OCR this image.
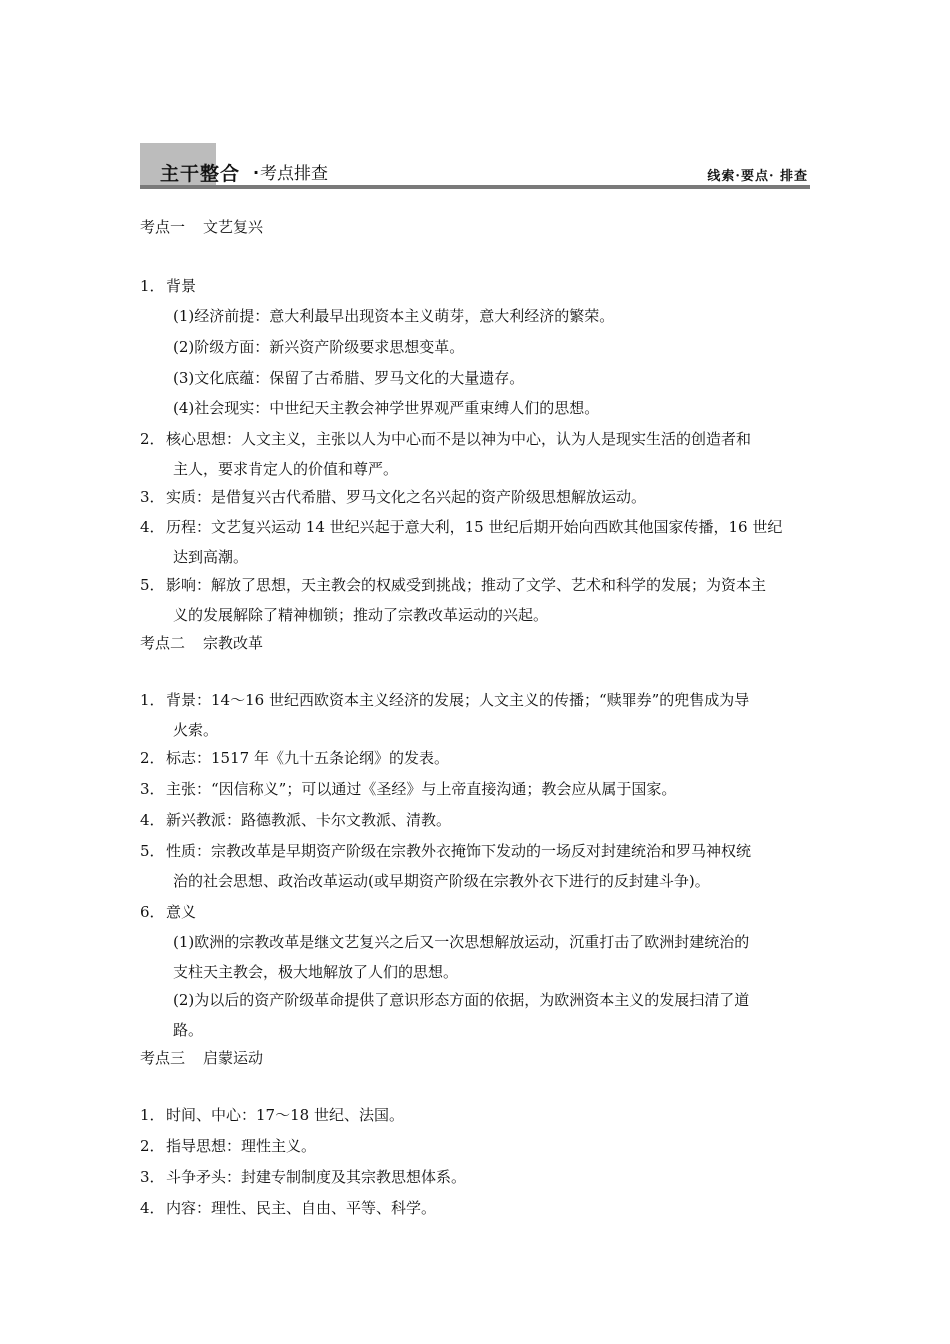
主干整合 · 考点排查	线索·要点· 排查
考点一 文艺复兴
1．背景
(1)经济前提：意大利最早出现资本主义萌芽，意大利经济的繁荣。
(2)阶级方面：新兴资产阶级要求思想变革。
(3)文化底蕴：保留了古希腊、罗马文化的大量遗存。
(4)社会现实：中世纪天主教会神学世界观严重束缚人们的思想。
2．核心思想：人文主义，主张以人为中心而不是以神为中心，认为人是现实生活的创造者和
主人，要求肯定人的价值和尊严。
3．实质：是借复兴古代希腊、罗马文化之名兴起的资产阶级思想解放运动。
4．历程：文艺复兴运动 14 世纪兴起于意大利，15 世纪后期开始向西欧其他国家传播，16 世纪
达到高潮。
5．影响：解放了思想，天主教会的权威受到挑战；推动了文学、艺术和科学的发展；为资本主
义的发展解除了精神枷锁；推动了宗教改革运动的兴起。
考点二 宗教改革
1．背景：14～16 世纪西欧资本主义经济的发展；人文主义的传播；“赎罪券”的兜售成为导
火索。
2．标志：1517 年《九十五条论纲》的发表。
3．主张：“因信称义”；可以通过《圣经》与上帝直接沟通；教会应从属于国家。
4．新兴教派：路德教派、卡尔文教派、清教。
5．性质：宗教改革是早期资产阶级在宗教外衣掩饰下发动的一场反对封建统治和罗马神权统
治的社会思想、政治改革运动(或早期资产阶级在宗教外衣下进行的反封建斗争)。
6．意义
(1)欧洲的宗教改革是继文艺复兴之后又一次思想解放运动，沉重打击了欧洲封建统治的
支柱天主教会，极大地解放了人们的思想。
(2)为以后的资产阶级革命提供了意识形态方面的依据，为欧洲资本主义的发展扫清了道
路。
考点三 启蒙运动
1．时间、中心：17～18 世纪、法国。
2．指导思想：理性主义。
3．斗争矛头：封建专制制度及其宗教思想体系。
4．内容：理性、民主、自由、平等、科学。
